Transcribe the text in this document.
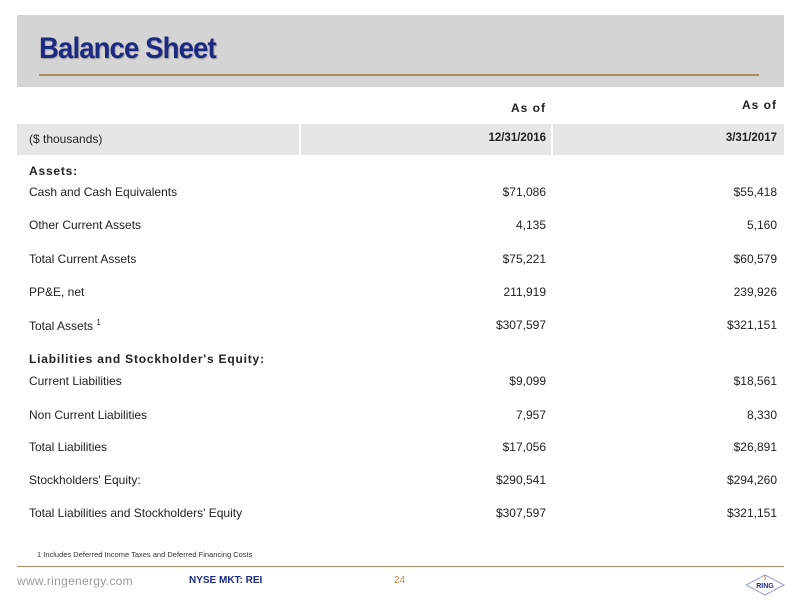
Balance Sheet
As of	As of
($ thousands)	12/31/2016	3/31/2017
Assets:
Cash and Cash Equivalents	$71,086	$55,418
Other Current Assets	4,135	5,160
Total Current Assets	$75,221	$60,579
PP&E, net	211,919	239,926
Total Assets $^1$	$307,597	$321,151
Liabilities and Stockholder's Equity:
Current Liabilities	$9,099	$18,561
Non Current Liabilities	7,957	8,330
Total Liabilities	$17,056	$26,891
Stockholders' Equity:	$290,541	$294,260
Total Liabilities and Stockholders' Equity	$307,597	$321,151
1 Includes Deferred Income Taxes and Deferred Financing Costs
www.ringenergy.com	NYSE MKT: REI	24
RING
